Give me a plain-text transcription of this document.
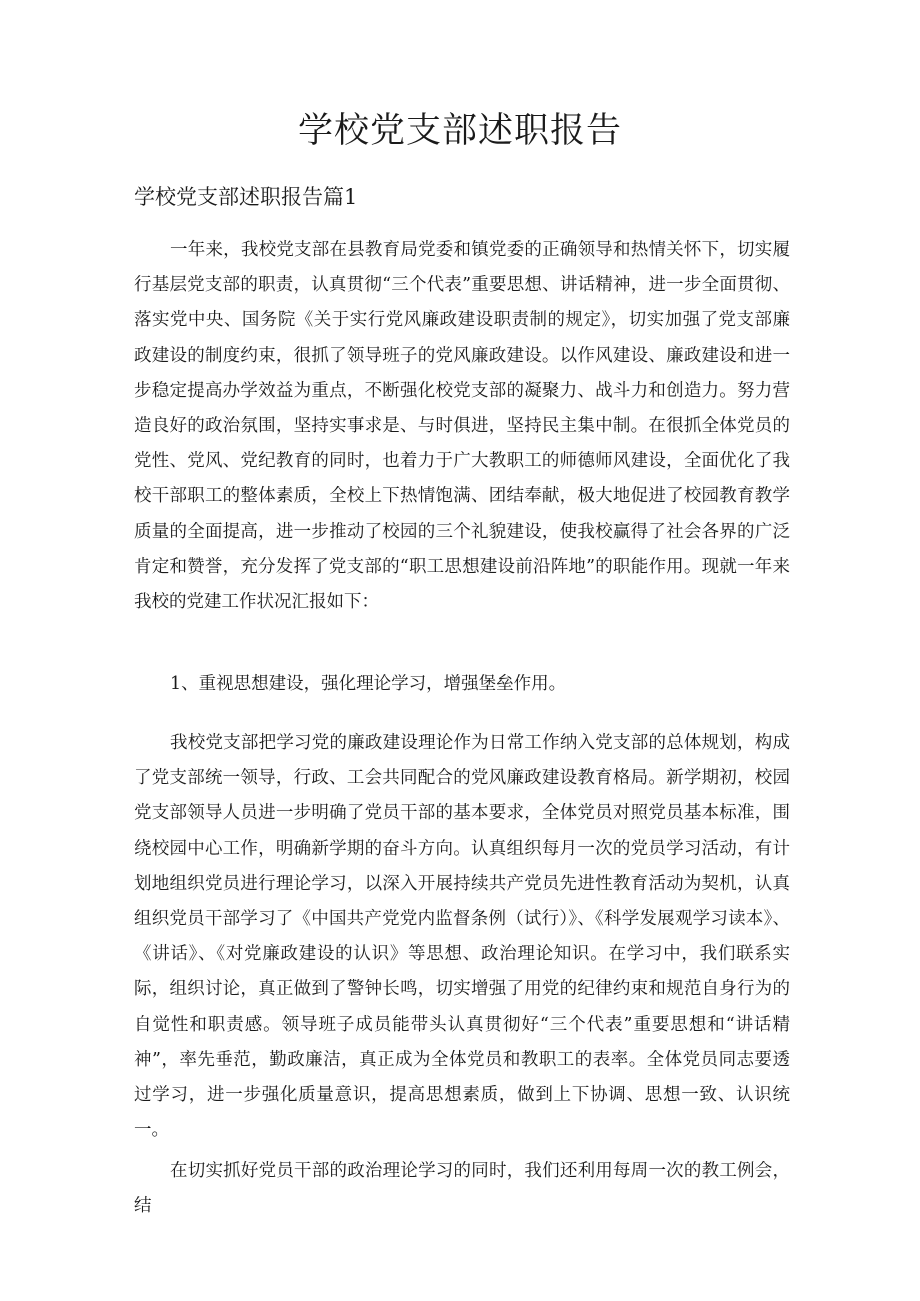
学校党支部述职报告
学校党支部述职报告篇1

一年来，我校党支部在县教育局党委和镇党委的正确领导和热情关怀下，切实履行基层党支部的职责，认真贯彻“三个代表”重要思想、讲话精神，进一步全面贯彻、落实党中央、国务院《关于实行党风廉政建设职责制的规定》，切实加强了党支部廉政建设的制度约束，很抓了领导班子的党风廉政建设。以作风建设、廉政建设和进一步稳定提高办学效益为重点，不断强化校党支部的凝聚力、战斗力和创造力。努力营造良好的政治氛围，坚持实事求是、与时俱进，坚持民主集中制。在很抓全体党员的党性、党风、党纪教育的同时，也着力于广大教职工的师德师风建设，全面优化了我校干部职工的整体素质，全校上下热情饱满、团结奉献，极大地促进了校园教育教学质量的全面提高，进一步推动了校园的三个礼貌建设，使我校赢得了社会各界的广泛肯定和赞誉，充分发挥了党支部的“职工思想建设前沿阵地”的职能作用。现就一年来我校的党建工作状况汇报如下：

1、重视思想建设，强化理论学习，增强堡垒作用。

我校党支部把学习党的廉政建设理论作为日常工作纳入党支部的总体规划，构成了党支部统一领导，行政、工会共同配合的党风廉政建设教育格局。新学期初，校园党支部领导人员进一步明确了党员干部的基本要求，全体党员对照党员基本标准，围绕校园中心工作，明确新学期的奋斗方向。认真组织每月一次的党员学习活动，有计划地组织党员进行理论学习，以深入开展持续共产党员先进性教育活动为契机，认真组织党员干部学习了《中国共产党党内监督条例（试行）》、《科学发展观学习读本》、《讲话》、《对党廉政建设的认识》等思想、政治理论知识。在学习中，我们联系实际，组织讨论，真正做到了警钟长鸣，切实增强了用党的纪律约束和规范自身行为的自觉性和职责感。领导班子成员能带头认真贯彻好“三个代表”重要思想和“讲话精神”，率先垂范，勤政廉洁，真正成为全体党员和教职工的表率。全体党员同志要透过学习，进一步强化质量意识，提高思想素质，做到上下协调、思想一致、认识统一。

在切实抓好党员干部的政治理论学习的同时，我们还利用每周一次的教工例会，结
